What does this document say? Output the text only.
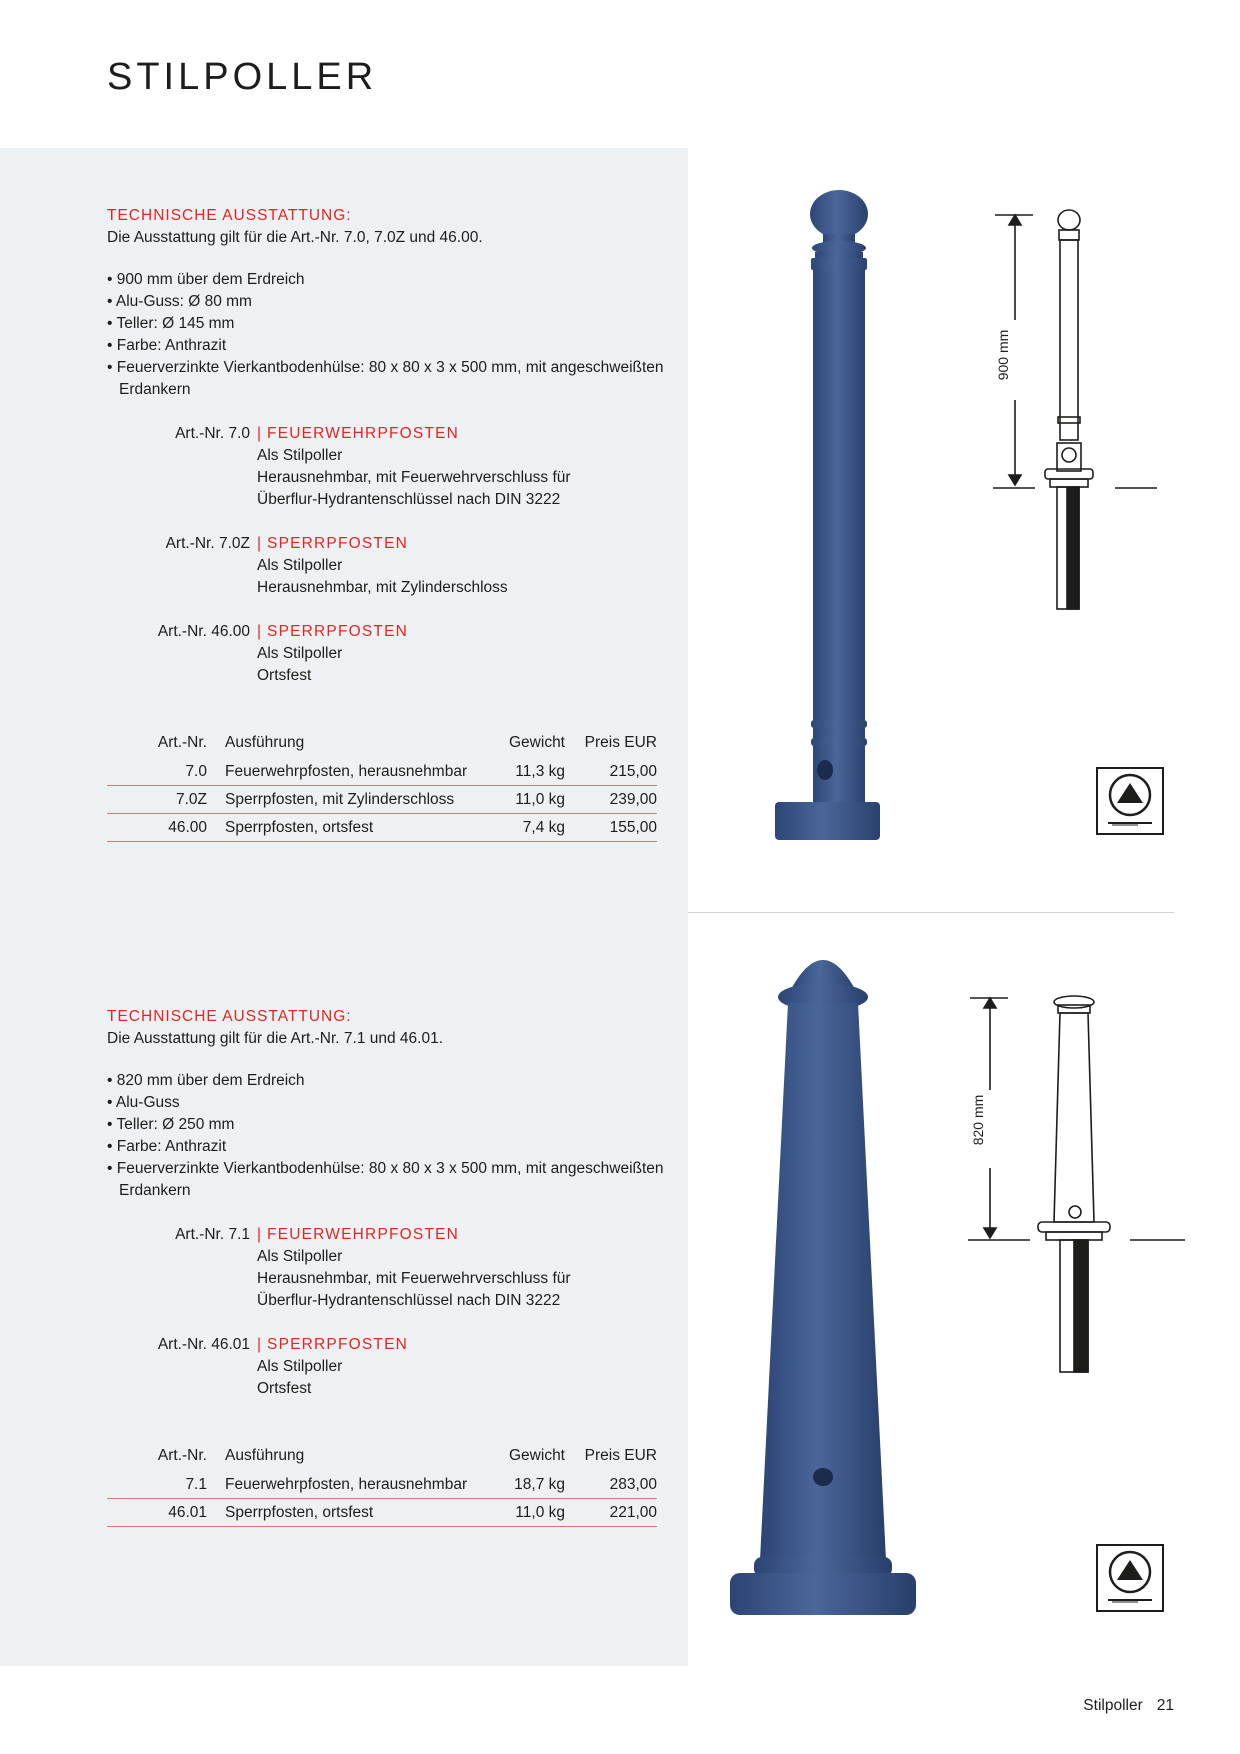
STILPOLLER
TECHNISCHE AUSSTATTUNG:
Die Ausstattung gilt für die Art.-Nr. 7.0, 7.0Z und 46.00.
• 900 mm über dem Erdreich
• Alu-Guss: Ø 80 mm
• Teller: Ø 145 mm
• Farbe: Anthrazit
• Feuerverzinkte Vierkantbodenhülse: 80 x 80 x 3 x 500 mm, mit angeschweißten Erdankern
Art.-Nr. 7.0 | FEUERWEHRPFOSTEN
Als Stilpoller
Herausnehmbar, mit Feuerwehrverschluss für
Überflur-Hydrantenschlüssel nach DIN 3222
Art.-Nr. 7.0Z | SPERRPFOSTEN
Als Stilpoller
Herausnehmbar, mit Zylinderschloss
Art.-Nr. 46.00 | SPERRPFOSTEN
Als Stilpoller
Ortsfest
Art.-Nr.	Ausführung	Gewicht	Preis EUR
7.0	Feuerwehrpfosten, herausnehmbar	11,3 kg	215,00
7.0Z	Sperrpfosten, mit Zylinderschloss	11,0 kg	239,00
46.00	Sperrpfosten, ortsfest	7,4 kg	155,00
TECHNISCHE AUSSTATTUNG:
Die Ausstattung gilt für die Art.-Nr. 7.1 und 46.01.
• 820 mm über dem Erdreich
• Alu-Guss
• Teller: Ø 250 mm
• Farbe: Anthrazit
• Feuerverzinkte Vierkantbodenhülse: 80 x 80 x 3 x 500 mm, mit angeschweißten Erdankern
Art.-Nr. 7.1 | FEUERWEHRPFOSTEN
Als Stilpoller
Herausnehmbar, mit Feuerwehrverschluss für
Überflur-Hydrantenschlüssel nach DIN 3222
Art.-Nr. 46.01 | SPERRPFOSTEN
Als Stilpoller
Ortsfest
Art.-Nr.	Ausführung	Gewicht	Preis EUR
7.1	Feuerwehrpfosten, herausnehmbar	18,7 kg	283,00
46.01	Sperrpfosten, ortsfest	11,0 kg	221,00
900 mm
820 mm
Stilpoller 21
